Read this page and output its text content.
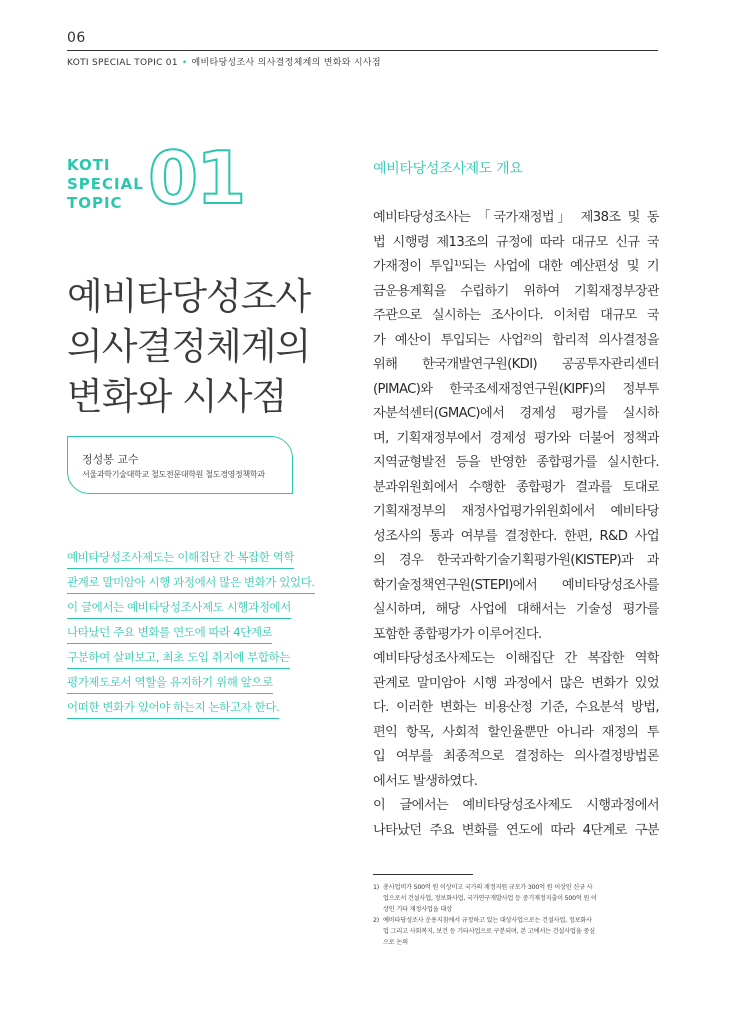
06
KOTI SPECIAL TOPIC 01 • 예비타당성조사 의사결정체계의 변화와 시사점
KOTI
SPECIAL
TOPIC 01
예비타당성조사
의사결정체계의
변화와 시사점
정성봉 교수
서울과학기술대학교 철도전문대학원 철도경영정책학과
예비타당성조사제도는 이해집단 간 복잡한 역학
관계로 말미암아 시행 과정에서 많은 변화가 있었다.
이 글에서는 예비타당성조사제도 시행과정에서
나타났던 주요 변화를 연도에 따라 4단계로
구분하여 살펴보고, 최초 도입 취지에 부합하는
평가제도로서 역할을 유지하기 위해 앞으로
어떠한 변화가 있어야 하는지 논하고자 한다.
예비타당성조사제도 개요
예비타당성조사는 「국가재정법」 제38조 및 동
법 시행령 제13조의 규정에 따라 대규모 신규 국
가재정이 투입¹⁾되는 사업에 대한 예산편성 및 기
금운용계획을 수립하기 위하여 기획재정부장관
주관으로 실시하는 조사이다. 이처럼 대규모 국
가 예산이 투입되는 사업²⁾의 합리적 의사결정을
위해 한국개발연구원(KDI) 공공투자관리센터
(PIMAC)와 한국조세재정연구원(KIPF)의 정부투
자분석센터(GMAC)에서 경제성 평가를 실시하
며, 기획재정부에서 경제성 평가와 더불어 정책과
지역균형발전 등을 반영한 종합평가를 실시한다.
분과위원회에서 수행한 종합평가 결과를 토대로
기획재정부의 재정사업평가위원회에서 예비타당
성조사의 통과 여부를 결정한다. 한편, R&D 사업
의 경우 한국과학기술기획평가원(KISTEP)과 과
학기술정책연구원(STEPI)에서 예비타당성조사를
실시하며, 해당 사업에 대해서는 기술성 평가를
포함한 종합평가가 이루어진다.
예비타당성조사제도는 이해집단 간 복잡한 역학
관계로 말미암아 시행 과정에서 많은 변화가 있었
다. 이러한 변화는 비용산정 기준, 수요분석 방법,
편익 항목, 사회적 할인율뿐만 아니라 재정의 투
입 여부를 최종적으로 결정하는 의사결정방법론
에서도 발생하였다.
이 글에서는 예비타당성조사제도 시행과정에서
나타났던 주요 변화를 연도에 따라 4단계로 구분
1) 총사업비가 500억 원 이상이고 국가의 재정지원 규모가 300억 원 이상인 신규 사
업으로서 건설사업, 정보화사업, 국가연구개발사업 등 중기재정지출이 500억 원 이
상인 기타 재정사업을 대상
2) 예비타당성조사 운용지침에서 규정하고 있는 대상사업으로는 건설사업, 정보화사
업 그리고 사회복지, 보건 등 기타사업으로 구분되며, 본 고에서는 건설사업을 중심
으로 논의
